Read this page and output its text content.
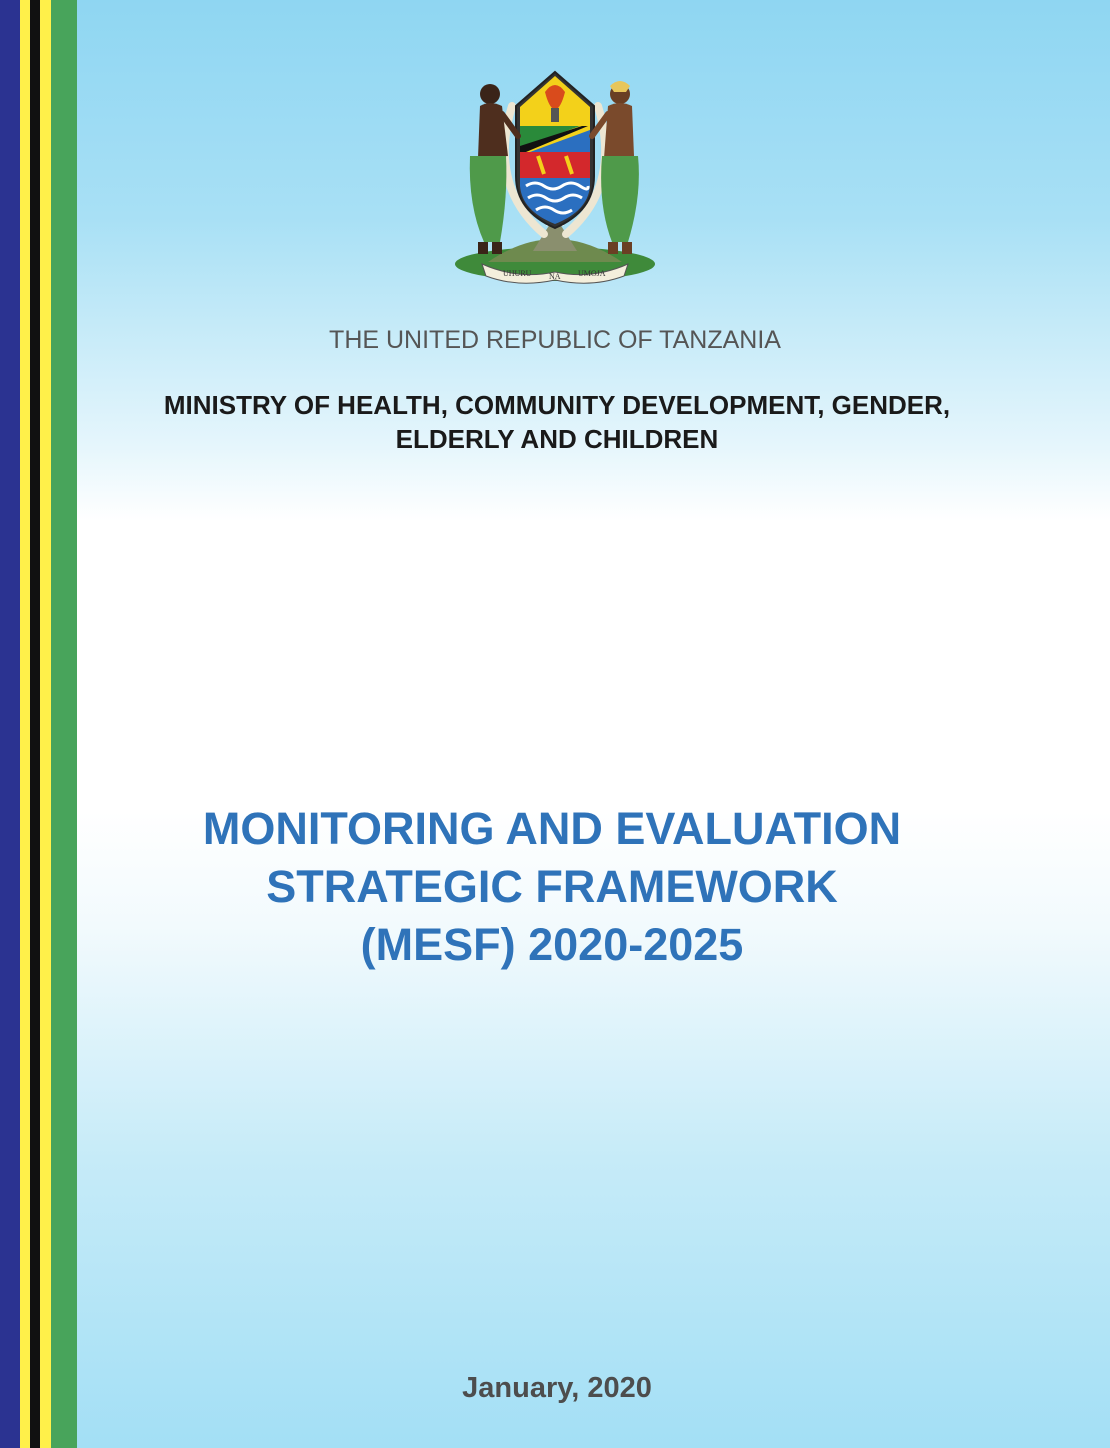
UHURU NA UMOJA
THE UNITED REPUBLIC OF TANZANIA
MINISTRY OF HEALTH, COMMUNITY DEVELOPMENT, GENDER,
ELDERLY AND CHILDREN
MONITORING AND EVALUATION
STRATEGIC FRAMEWORK
(MESF) 2020-2025
January, 2020
